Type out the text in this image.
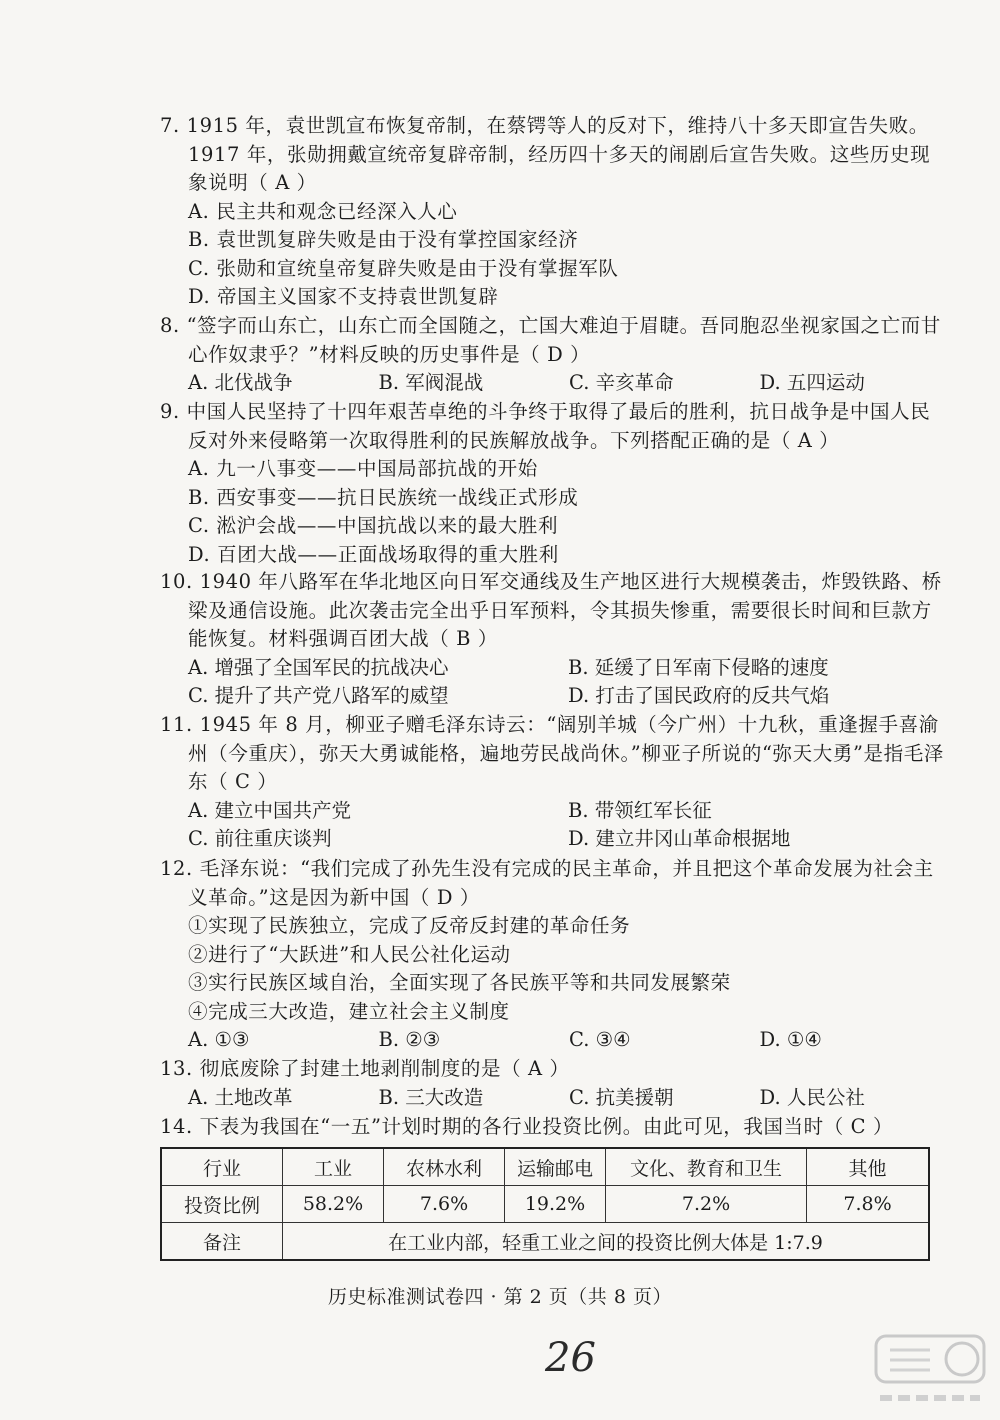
7. 1915 年，袁世凯宣布恢复帝制，在蔡锷等人的反对下，维持八十多天即宣告失败。1917 年，张勋拥戴宣统帝复辟帝制，经历四十多天的闹剧后宣告失败。这些历史现象说明（ A ）

A. 民主共和观念已经深入人心

B. 袁世凯复辟失败是由于没有掌控国家经济

C. 张勋和宣统皇帝复辟失败是由于没有掌握军队

D. 帝国主义国家不支持袁世凯复辟

8. “签字而山东亡，山东亡而全国随之，亡国大难迫于眉睫。吾同胞忍坐视家国之亡而甘心作奴隶乎？”材料反映的历史事件是（ D ）

A. 北伐战争	B. 军阀混战	C. 辛亥革命	D. 五四运动

9. 中国人民坚持了十四年艰苦卓绝的斗争终于取得了最后的胜利，抗日战争是中国人民反对外来侵略第一次取得胜利的民族解放战争。下列搭配正确的是（ A ）

A. 九一八事变——中国局部抗战的开始

B. 西安事变——抗日民族统一战线正式形成

C. 淞沪会战——中国抗战以来的最大胜利

D. 百团大战——正面战场取得的重大胜利

10. 1940 年八路军在华北地区向日军交通线及生产地区进行大规模袭击，炸毁铁路、桥梁及通信设施。此次袭击完全出乎日军预料，令其损失惨重，需要很长时间和巨款方能恢复。材料强调百团大战（ B ）

A. 增强了全国军民的抗战决心	B. 延缓了日军南下侵略的速度
C. 提升了共产党八路军的威望	D. 打击了国民政府的反共气焰

11. 1945 年 8 月，柳亚子赠毛泽东诗云：“阔别羊城（今广州）十九秋，重逢握手喜渝州（今重庆），弥天大勇诚能格，遍地劳民战尚休。”柳亚子所说的“弥天大勇”是指毛泽东（ C ）

A. 建立中国共产党	B. 带领红军长征
C. 前往重庆谈判	D. 建立井冈山革命根据地

12. 毛泽东说：“我们完成了孙先生没有完成的民主革命，并且把这个革命发展为社会主义革命。”这是因为新中国（ D ）

①实现了民族独立，完成了反帝反封建的革命任务

②进行了“大跃进”和人民公社化运动

③实行民族区域自治，全面实现了各民族平等和共同发展繁荣

④完成三大改造，建立社会主义制度

A. ①③	B. ②③	C. ③④	D. ①④

13. 彻底废除了封建土地剥削制度的是（ A ）

A. 土地改革	B. 三大改造	C. 抗美援朝	D. 人民公社

14. 下表为我国在“一五”计划时期的各行业投资比例。由此可见，我国当时（ C ）

行业	工业	农林水利	运输邮电	文化、教育和卫生	其他
投资比例	58.2%	7.6%	19.2%	7.2%	7.8%
备注	在工业内部，轻重工业之间的投资比例大体是 1:7.9				
历史标准测试卷四 · 第 2 页（共 8 页）
26
